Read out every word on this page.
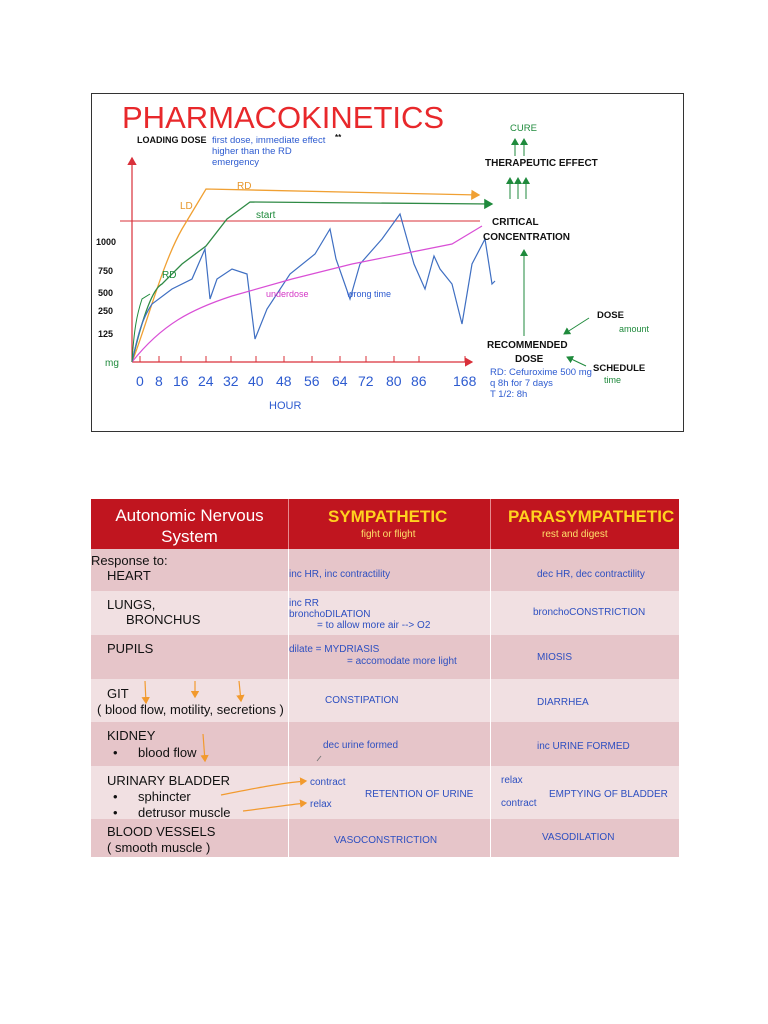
PHARMACOKINETICS
LOADING DOSE first dose, immediate effect **
higher than the RD
emergency
1000
750
500
250
125
mg
0 8 16 24 32 40 48 56 64 72 80 86 168
HOUR
RD
LD
start
RD
underdose	wrong time
CURE
THERAPEUTIC EFFECT
CRITICAL
CONCENTRATION
RECOMMENDED
DOSE
RD: Cefuroxime 500 mg
q 8h for 7 days
T 1/2: 8h
DOSE
amount
SCHEDULE
time
Autonomic Nervous
System
SYMPATHETIC
fight or flight
PARASYMPATHETIC
rest and digest
Response to:
HEART
LUNGS,
BRONCHUS
PUPILS
GIT
( blood flow, motility, secretions )
KIDNEY
• blood flow
URINARY BLADDER
• sphincter
• detrusor muscle
BLOOD VESSELS
( smooth muscle )
inc HR, inc contractility
inc RR
bronchoDILATION
= to allow more air --> O2
dilate = MYDRIASIS
= accomodate more light
CONSTIPATION
dec urine formed
contract
relax
RETENTION OF URINE
VASOCONSTRICTION
dec HR, dec contractility
bronchoCONSTRICTION
MIOSIS
DIARRHEA
inc URINE FORMED
relax
contract
EMPTYING OF BLADDER
VASODILATION
